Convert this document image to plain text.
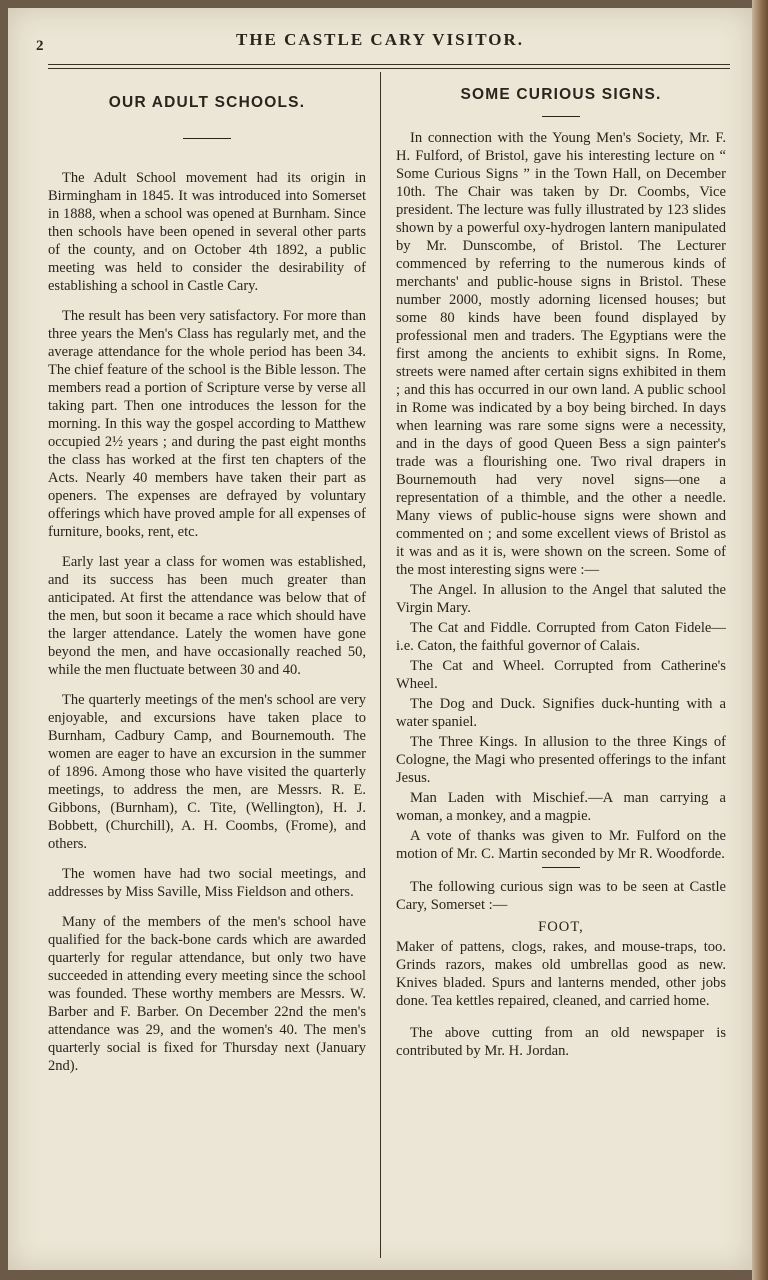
2	THE CASTLE CARY VISITOR.
OUR ADULT SCHOOLS.

The Adult School movement had its origin in Birmingham in 1845. It was introduced into Somerset in 1888, when a school was opened at Burnham. Since then schools have been opened in several other parts of the county, and on October 4th 1892, a public meeting was held to consider the desirability of establishing a school in Castle Cary.

The result has been very satisfactory. For more than three years the Men's Class has regularly met, and the average attendance for the whole period has been 34. The chief feature of the school is the Bible lesson. The members read a portion of Scripture verse by verse all taking part. Then one introduces the lesson for the morning. In this way the gospel according to Matthew occupied 2½ years ; and during the past eight months the class has worked at the first ten chapters of the Acts. Nearly 40 members have taken their part as openers. The expenses are defrayed by voluntary offerings which have proved ample for all expenses of furniture, books, rent, etc.

Early last year a class for women was established, and its success has been much greater than anticipated. At first the attendance was below that of the men, but soon it became a race which should have the larger attendance. Lately the women have gone beyond the men, and have occasionally reached 50, while the men fluctuate between 30 and 40.

The quarterly meetings of the men's school are very enjoyable, and excursions have taken place to Burnham, Cadbury Camp, and Bournemouth. The women are eager to have an excursion in the summer of 1896. Among those who have visited the quarterly meetings, to address the men, are Messrs. R. E. Gibbons, (Burnham), C. Tite, (Wellington), H. J. Bobbett, (Churchill), A. H. Coombs, (Frome), and others.

The women have had two social meetings, and addresses by Miss Saville, Miss Fieldson and others.

Many of the members of the men's school have qualified for the back-bone cards which are awarded quarterly for regular attendance, but only two have succeeded in attending every meeting since the school was founded. These worthy members are Messrs. W. Barber and F. Barber. On December 22nd the men's attendance was 29, and the women's 40. The men's quarterly social is fixed for Thursday next (January 2nd).

SOME CURIOUS SIGNS.

In connection with the Young Men's Society, Mr. F. H. Fulford, of Bristol, gave his interesting lecture on “ Some Curious Signs ” in the Town Hall, on December 10th. The Chair was taken by Dr. Coombs, Vice president. The lecture was fully illustrated by 123 slides shown by a powerful oxy-hydrogen lantern manipulated by Mr. Dunscombe, of Bristol. The Lecturer commenced by referring to the numerous kinds of merchants' and public-house signs in Bristol. These number 2000, mostly adorning licensed houses; but some 80 kinds have been found displayed by professional men and traders. The Egyptians were the first among the ancients to exhibit signs. In Rome, streets were named after certain signs exhibited in them ; and this has occurred in our own land. A public school in Rome was indicated by a boy being birched. In days when learning was rare some signs were a necessity, and in the days of good Queen Bess a sign painter's trade was a flourishing one. Two rival drapers in Bournemouth had very novel signs—one a representation of a thimble, and the other a needle. Many views of public-house signs were shown and commented on ; and some excellent views of Bristol as it was and as it is, were shown on the screen. Some of the most interesting signs were :—

The Angel. In allusion to the Angel that saluted the Virgin Mary.

The Cat and Fiddle. Corrupted from Caton Fidele—i.e. Caton, the faithful governor of Calais.

The Cat and Wheel. Corrupted from Catherine's Wheel.

The Dog and Duck. Signifies duck-hunting with a water spaniel.

The Three Kings. In allusion to the three Kings of Cologne, the Magi who presented offerings to the infant Jesus.

Man Laden with Mischief.—A man carrying a woman, a monkey, and a magpie.

A vote of thanks was given to Mr. Fulford on the motion of Mr. C. Martin seconded by Mr R. Woodforde.

The following curious sign was to be seen at Castle Cary, Somerset :—

FOOT,

Maker of pattens, clogs, rakes, and mouse-traps, too. Grinds razors, makes old umbrellas good as new. Knives bladed. Spurs and lanterns mended, other jobs done. Tea kettles repaired, cleaned, and carried home.

The above cutting from an old newspaper is contributed by Mr. H. Jordan.
